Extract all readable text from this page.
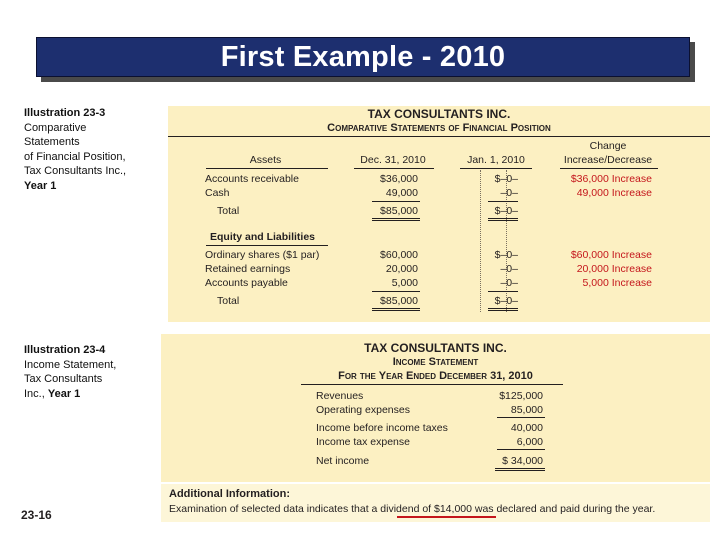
First Example - 2010
Illustration 23-3
Comparative
Statements
of Financial Position,
Tax Consultants Inc.,
Year 1
Illustration 23-4
Income Statement,
Tax Consultants
Inc., Year 1
23-16
TAX CONSULTANTS INC.
Comparative Statements of Financial Position
Change
Assets	Dec. 31, 2010	Jan. 1, 2010	Increase/Decrease
Accounts receivable	$36,000	$–0–	$36,000 Increase
Cash	49,000	–0–	49,000 Increase
Total	$85,000	$–0–
Equity and Liabilities
Ordinary shares ($1 par)	$60,000	$–0–	$60,000 Increase
Retained earnings	20,000	–0–	20,000 Increase
Accounts payable	5,000	–0–	5,000 Increase
Total	$85,000	$–0–
TAX CONSULTANTS INC.
Income Statement
For the Year Ended December 31, 2010
Revenues	$125,000
Operating expenses	85,000
Income before income taxes	40,000
Income tax expense	6,000
Net income	$ 34,000
Additional Information:
Examination of selected data indicates that a dividend of $14,000 was declared and paid during the year.
